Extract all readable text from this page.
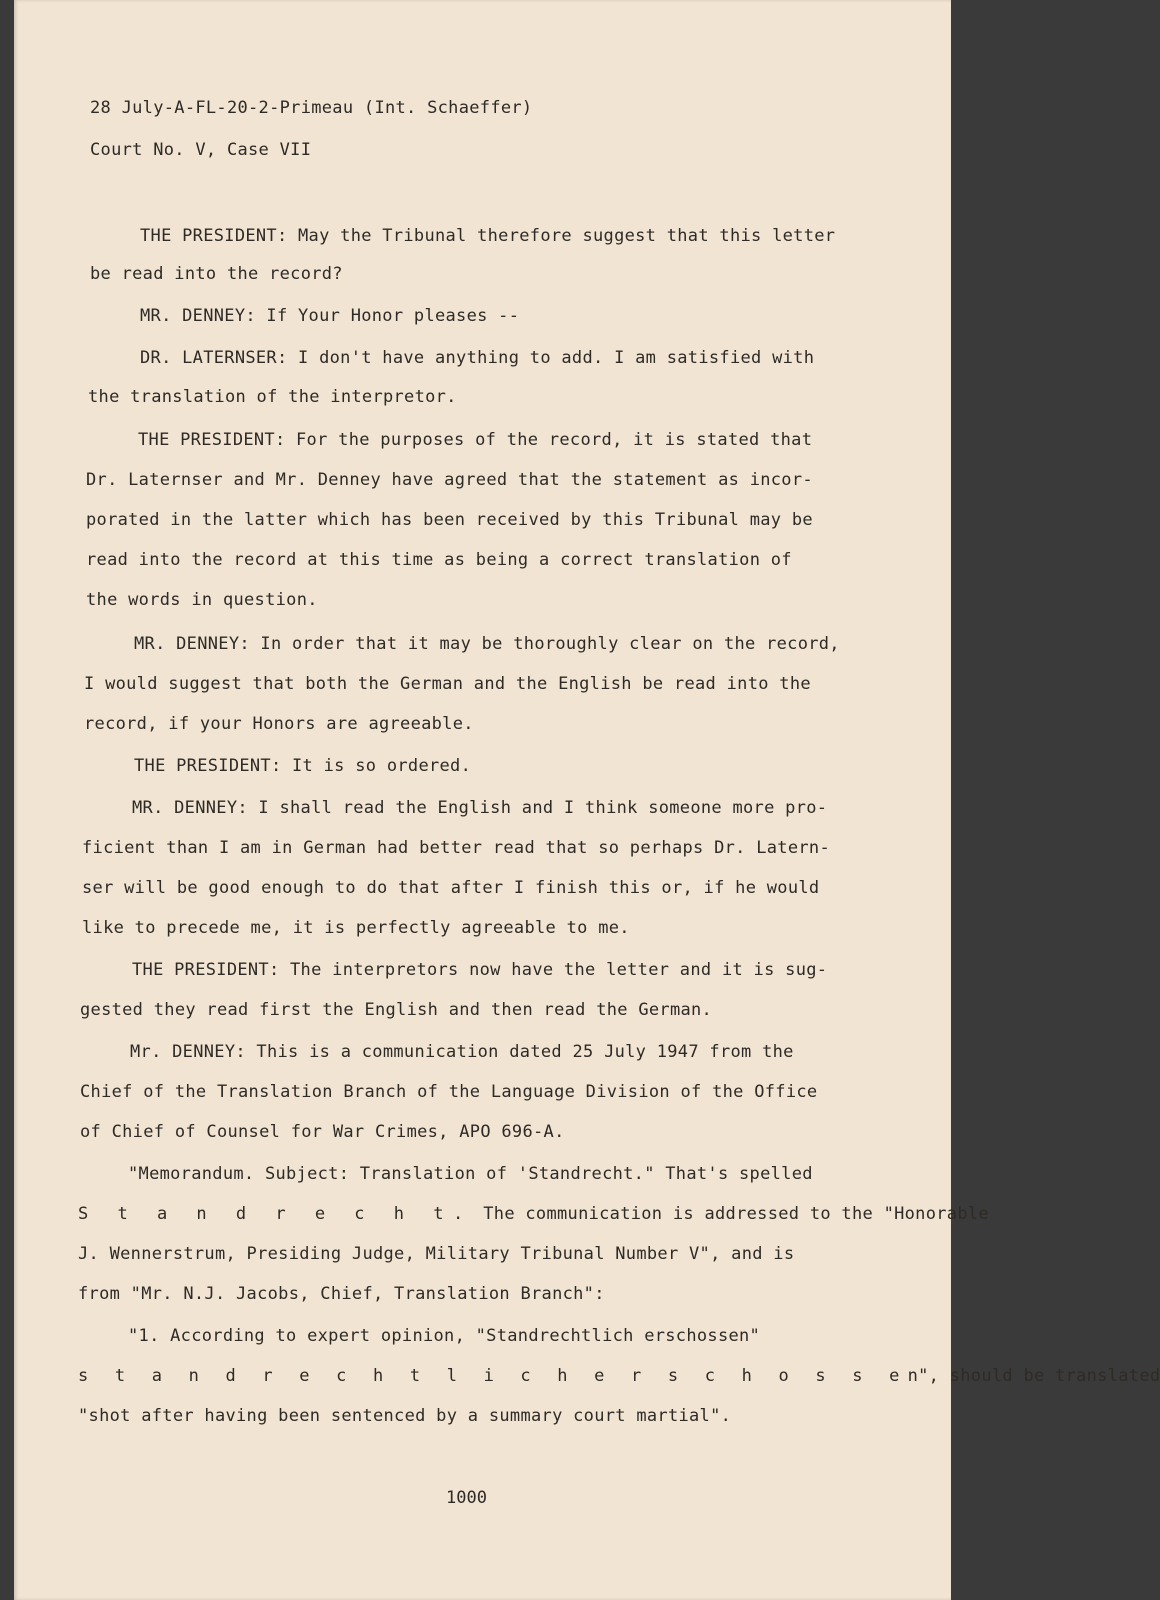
28 July-A-FL-20-2-Primeau (Int. Schaeffer)
Court No. V, Case VII
THE PRESIDENT: May the Tribunal therefore suggest that this letter
be read into the record?
MR. DENNEY: If Your Honor pleases --
DR. LATERNSER: I don't have anything to add. I am satisfied with
the translation of the interpretor.
THE PRESIDENT: For the purposes of the record, it is stated that
Dr. Laternser and Mr. Denney have agreed that the statement as incor-
porated in the latter which has been received by this Tribunal may be
read into the record at this time as being a correct translation of
the words in question.
MR. DENNEY: In order that it may be thoroughly clear on the record,
I would suggest that both the German and the English be read into the
record, if your Honors are agreeable.
THE PRESIDENT: It is so ordered.
MR. DENNEY: I shall read the English and I think someone more pro-
ficient than I am in German had better read that so perhaps Dr. Latern-
ser will be good enough to do that after I finish this or, if he would
like to precede me, it is perfectly agreeable to me.
THE PRESIDENT: The interpretors now have the letter and it is sug-
gested they read first the English and then read the German.
Mr. DENNEY: This is a communication dated 25 July 1947 from the
Chief of the Translation Branch of the Language Division of the Office
of Chief of Counsel for War Crimes, APO 696-A.
"Memorandum. Subject: Translation of 'Standrecht." That's spelled
S t a n d r e c h t. The communication is addressed to the "Honorable
J. Wennerstrum, Presiding Judge, Military Tribunal Number V", and is
from "Mr. N.J. Jacobs, Chief, Translation Branch":
"1. According to expert opinion, "Standrechtlich erschossen"
s t a n d r e c h t l i c h e r s c h o s s en", should be translated
"shot after having been sentenced by a summary court martial".
1000
